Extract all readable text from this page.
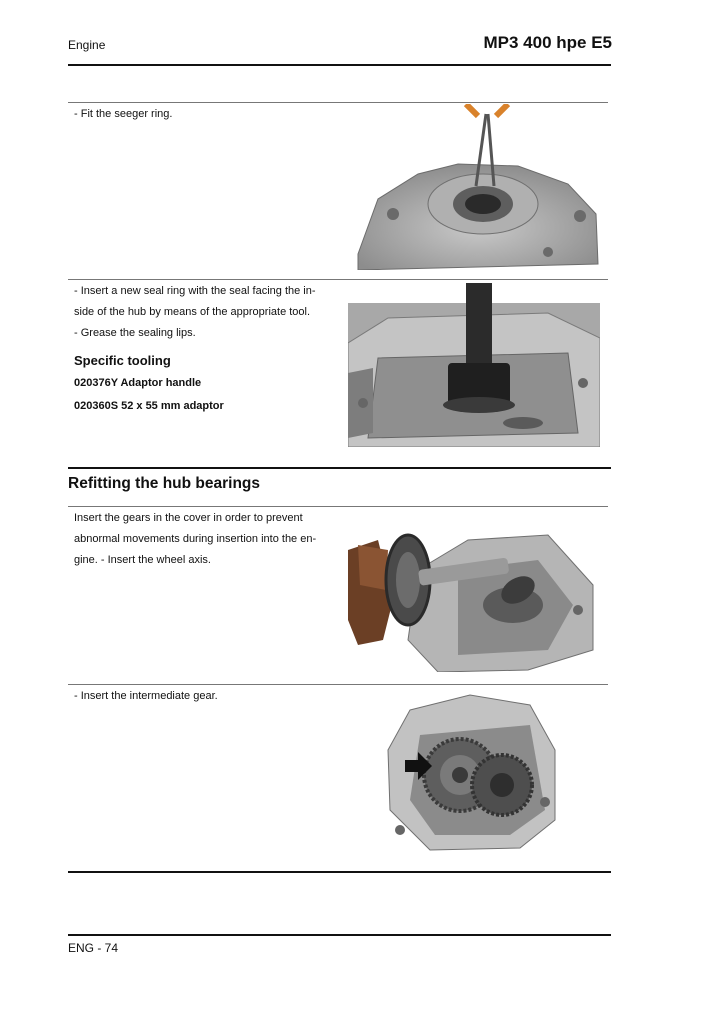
Engine	MP3 400 hpe E5
- Fit the seeger ring.
- Insert a new seal ring with the seal facing the in-
side of the hub by means of the appropriate tool.
- Grease the sealing lips.
Specific tooling
020376Y Adaptor handle
020360S 52 x 55 mm adaptor
Refitting the hub bearings
Insert the gears in the cover in order to prevent
abnormal movements during insertion into the en-
gine. - Insert the wheel axis.
- Insert the intermediate gear.
ENG - 74
